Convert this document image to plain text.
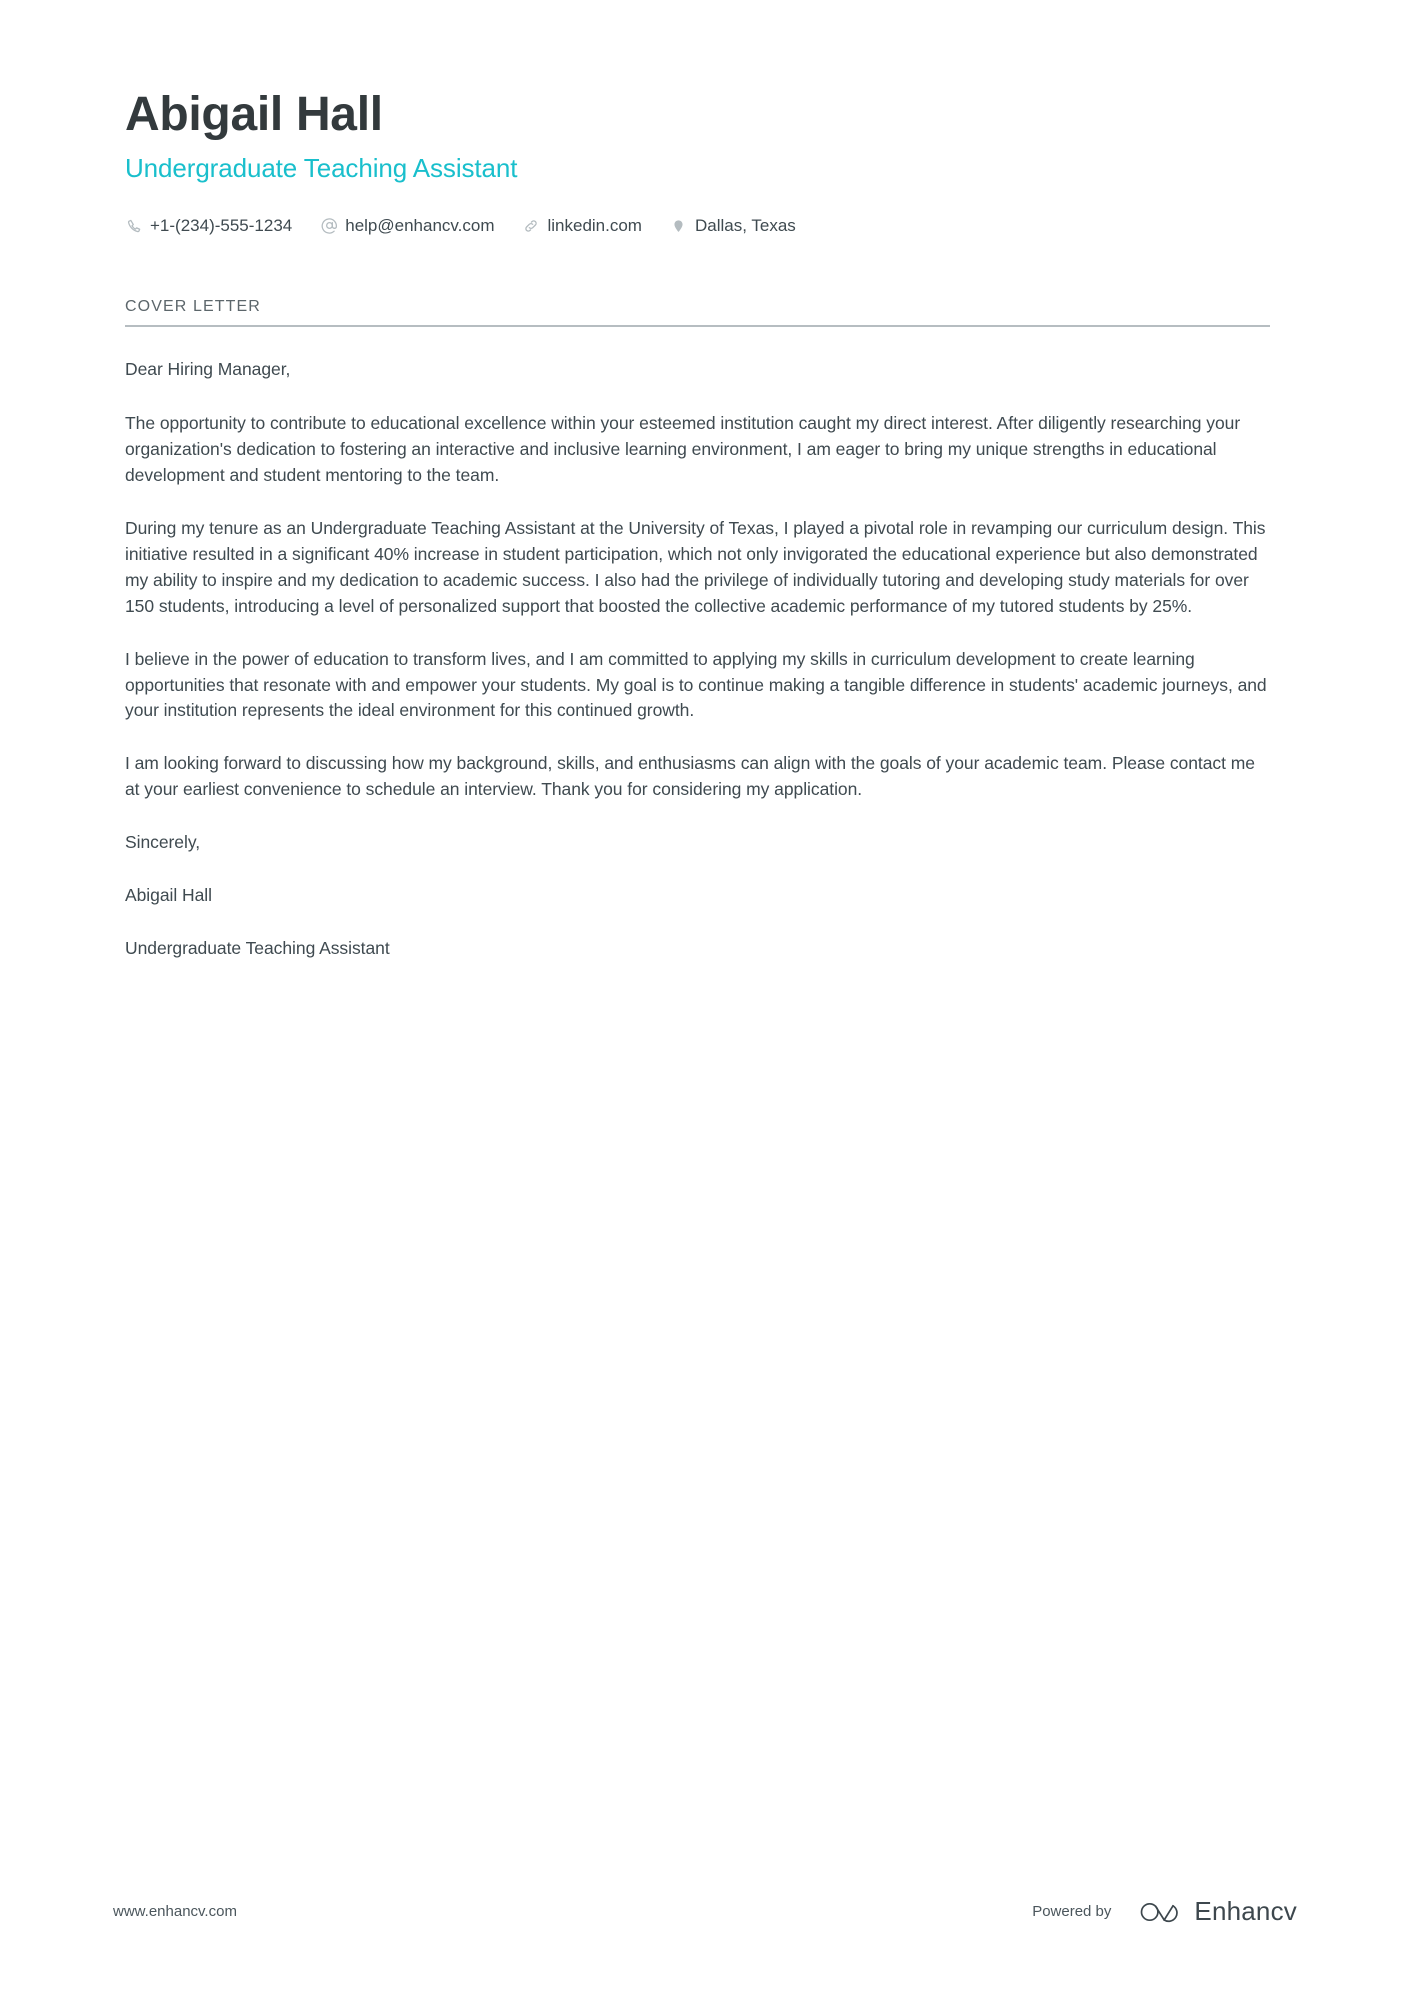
Abigail Hall
Undergraduate Teaching Assistant
+1-(234)-555-1234	help@enhancv.com	linkedin.com	Dallas, Texas
COVER LETTER

Dear Hiring Manager,

The opportunity to contribute to educational excellence within your esteemed institution caught my direct interest. After diligently researching your organization's dedication to fostering an interactive and inclusive learning environment, I am eager to bring my unique strengths in educational development and student mentoring to the team.

During my tenure as an Undergraduate Teaching Assistant at the University of Texas, I played a pivotal role in revamping our curriculum design. This initiative resulted in a significant 40% increase in student participation, which not only invigorated the educational experience but also demonstrated my ability to inspire and my dedication to academic success. I also had the privilege of individually tutoring and developing study materials for over 150 students, introducing a level of personalized support that boosted the collective academic performance of my tutored students by 25%.

I believe in the power of education to transform lives, and I am committed to applying my skills in curriculum development to create learning opportunities that resonate with and empower your students. My goal is to continue making a tangible difference in students' academic journeys, and your institution represents the ideal environment for this continued growth.

I am looking forward to discussing how my background, skills, and enthusiasms can align with the goals of your academic team. Please contact me at your earliest convenience to schedule an interview. Thank you for considering my application.

Sincerely,

Abigail Hall

Undergraduate Teaching Assistant

www.enhancv.com	Powered by	Enhancv
